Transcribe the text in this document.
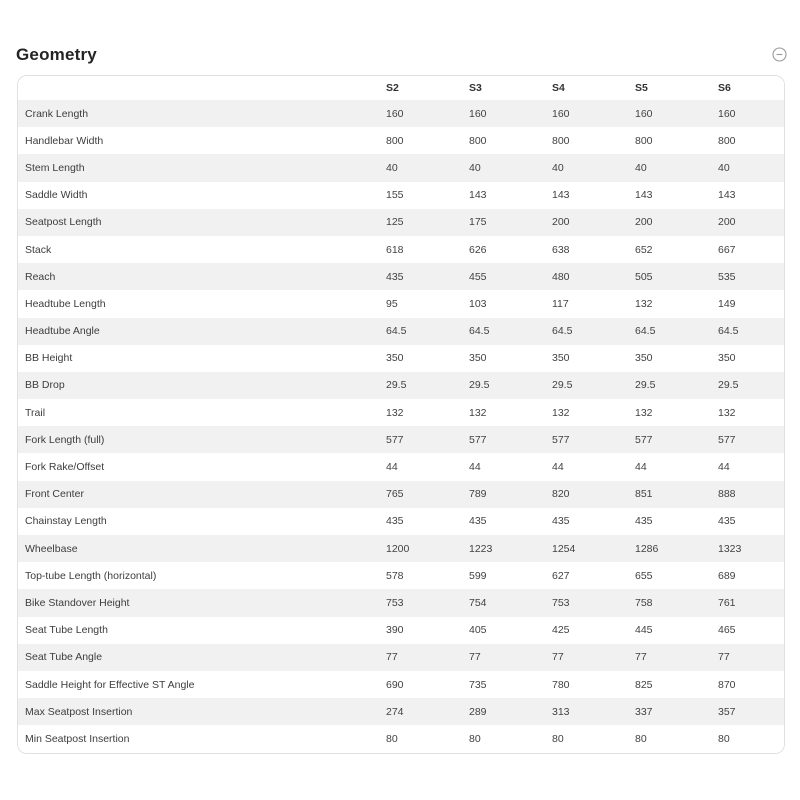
Geometry
	S2	S3	S4	S5	S6
Crank Length	160	160	160	160	160
Handlebar Width	800	800	800	800	800
Stem Length	40	40	40	40	40
Saddle Width	155	143	143	143	143
Seatpost Length	125	175	200	200	200
Stack	618	626	638	652	667
Reach	435	455	480	505	535
Headtube Length	95	103	117	132	149
Headtube Angle	64.5	64.5	64.5	64.5	64.5
BB Height	350	350	350	350	350
BB Drop	29.5	29.5	29.5	29.5	29.5
Trail	132	132	132	132	132
Fork Length (full)	577	577	577	577	577
Fork Rake/Offset	44	44	44	44	44
Front Center	765	789	820	851	888
Chainstay Length	435	435	435	435	435
Wheelbase	1200	1223	1254	1286	1323
Top-tube Length (horizontal)	578	599	627	655	689
Bike Standover Height	753	754	753	758	761
Seat Tube Length	390	405	425	445	465
Seat Tube Angle	77	77	77	77	77
Saddle Height for Effective ST Angle	690	735	780	825	870
Max Seatpost Insertion	274	289	313	337	357
Min Seatpost Insertion	80	80	80	80	80
